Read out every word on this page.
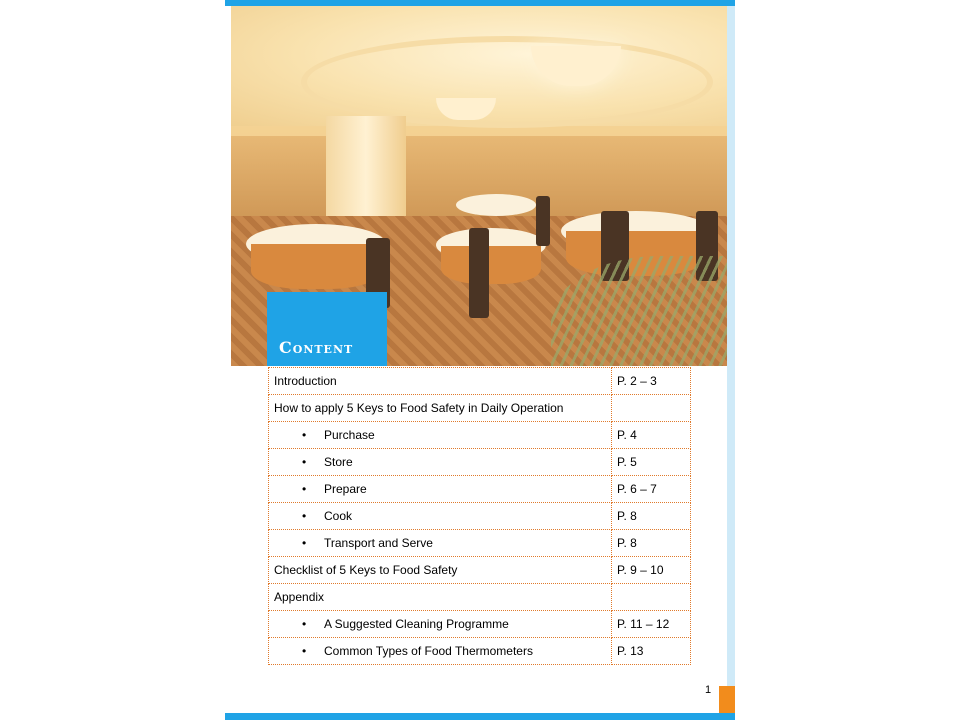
Content
Introduction	P. 2 – 3
How to apply 5 Keys to Food Safety in Daily Operation	
• Purchase	P. 4
• Store	P. 5
• Prepare	P. 6 – 7
• Cook	P. 8
• Transport and Serve	P. 8
Checklist of 5 Keys to Food Safety	P. 9 – 10
Appendix	
• A Suggested Cleaning Programme	P. 11 – 12
• Common Types of Food Thermometers	P. 13
1
